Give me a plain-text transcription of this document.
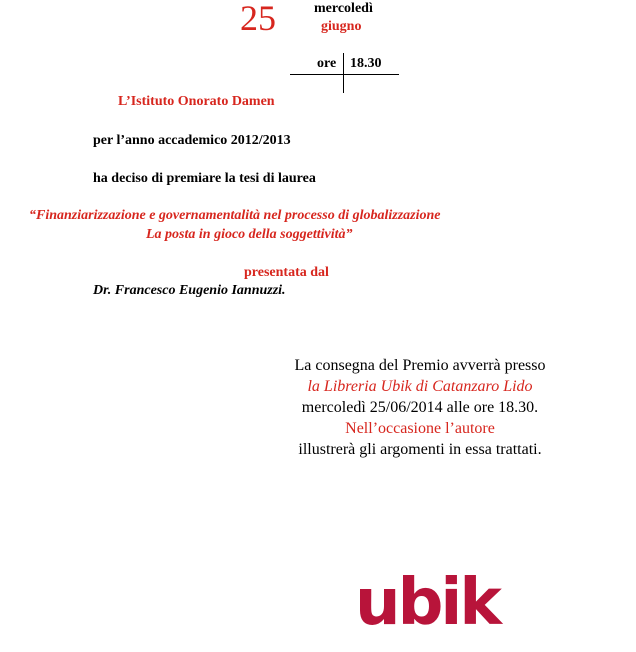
25	mercoledì
giugno
ore 18.30
L’Istituto Onorato Damen
per l’anno accademico 2012/2013
ha deciso di premiare la tesi di laurea
“Finanziarizzazione e governamentalità nel processo di globalizzazione
La posta in gioco della soggettività”
presentata dal
Dr. Francesco Eugenio Iannuzzi.
La consegna del Premio avverrà presso
la Libreria Ubik di Catanzaro Lido
mercoledì 25/06/2014 alle ore 18.30.
Nell’occasione l’autore
illustrerà gli argomenti in essa trattati.
ubik
